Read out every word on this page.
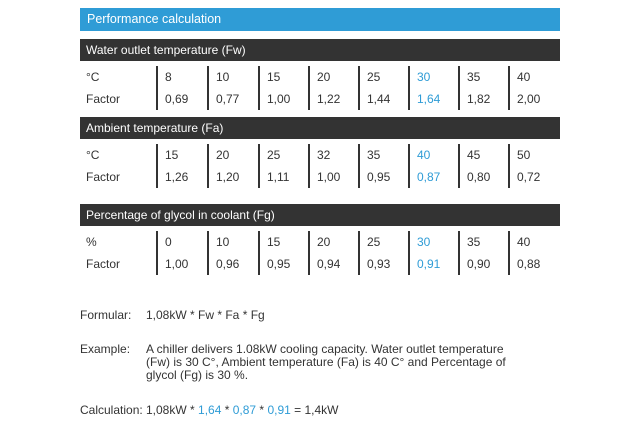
Performance calculation
Water outlet temperature (Fw)
°C	8	10	15	20	25	30	35	40
Factor	0,69	0,77	1,00	1,22	1,44	1,64	1,82	2,00
Ambient temperature (Fa)
°C	15	20	25	32	35	40	45	50
Factor	1,26	1,20	1,11	1,00	0,95	0,87	0,80	0,72
Percentage of glycol in coolant (Fg)
%	0	10	15	20	25	30	35	40
Factor	1,00	0,96	0,95	0,94	0,93	0,91	0,90	0,88
Formular: 1,08kW * Fw * Fa * Fg
Example: A chiller delivers 1.08kW cooling capacity. Water outlet temperature
(Fw) is 30 C°, Ambient temperature (Fa) is 40 C° and Percentage of
glycol (Fg) is 30 %.
Calculation: 1,08kW * 1,64 * 0,87 * 0,91 = 1,4kW
